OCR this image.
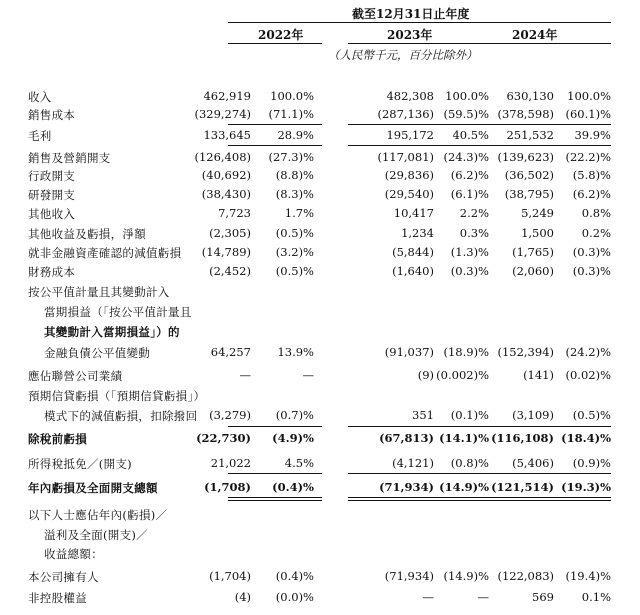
截至12月31日止年度
2022年	2023年	2024年
（人民幣千元，百分比除外）
收入	462,919 100.0%	482,308 100.0% 630,130 100.0%
銷售成本	(329,274) (71.1)%	(287,136) (59.5)% (378,598) (60.1)%
毛利	133,645 28.9%	195,172 40.5% 251,532 39.9%
銷售及營銷開支	(126,408) (27.3)%	(117,081) (24.3)% (139,623) (22.2)%
行政開支	(40,692) (8.8)%	(29,836) (6.2)% (36,502) (5.8)%
研發開支	(38,430) (8.3)%	(29,540) (6.1)% (38,795) (6.2)%
其他收入	7,723	1.7%	10,417 2.2%	5,249 0.8%
其他收益及虧損，淨額	(2,305) (0.5)%	1,234 0.3%	1,500 0.2%
就非金融資產確認的減值虧損 (14,789) (3.2)%	(5,844) (1.3)% (1,765) (0.3)%
財務成本	(2,452) (0.5)%	(1,640) (0.3)% (2,060) (0.3)%
按公平值計量且其變動計入
當期損益（「按公平值計量且
其變動計入當期損益」）的
金融負債公平值變動	64,257 13.9%	(91,037) (18.9)% (152,394) (24.2)%
應佔聯營公司業績	—	—	(9) (0.002)%	(141) (0.02)%
預期信貸虧損（「預期信貸虧損」）
模式下的減值虧損，扣除撥回 (3,279) (0.7)%	351 (0.1)% (3,109) (0.5)%
除稅前虧損	(22,730) (4.9)%	(67,813) (14.1)% (116,108) (18.4)%
所得稅抵免／(開支)	21,022	4.5%	(4,121) (0.8)% (5,406) (0.9)%
年內虧損及全面開支總額	(1,708) (0.4)%	(71,934) (14.9)% (121,514) (19.3)%
以下人士應佔年內(虧損)／
溢利及全面(開支)／
收益總額：
本公司擁有人	(1,704) (0.4)%	(71,934) (14.9)% (122,083) (19.4)%
非控股權益	(4) (0.0)%	—	—	569 0.1%
